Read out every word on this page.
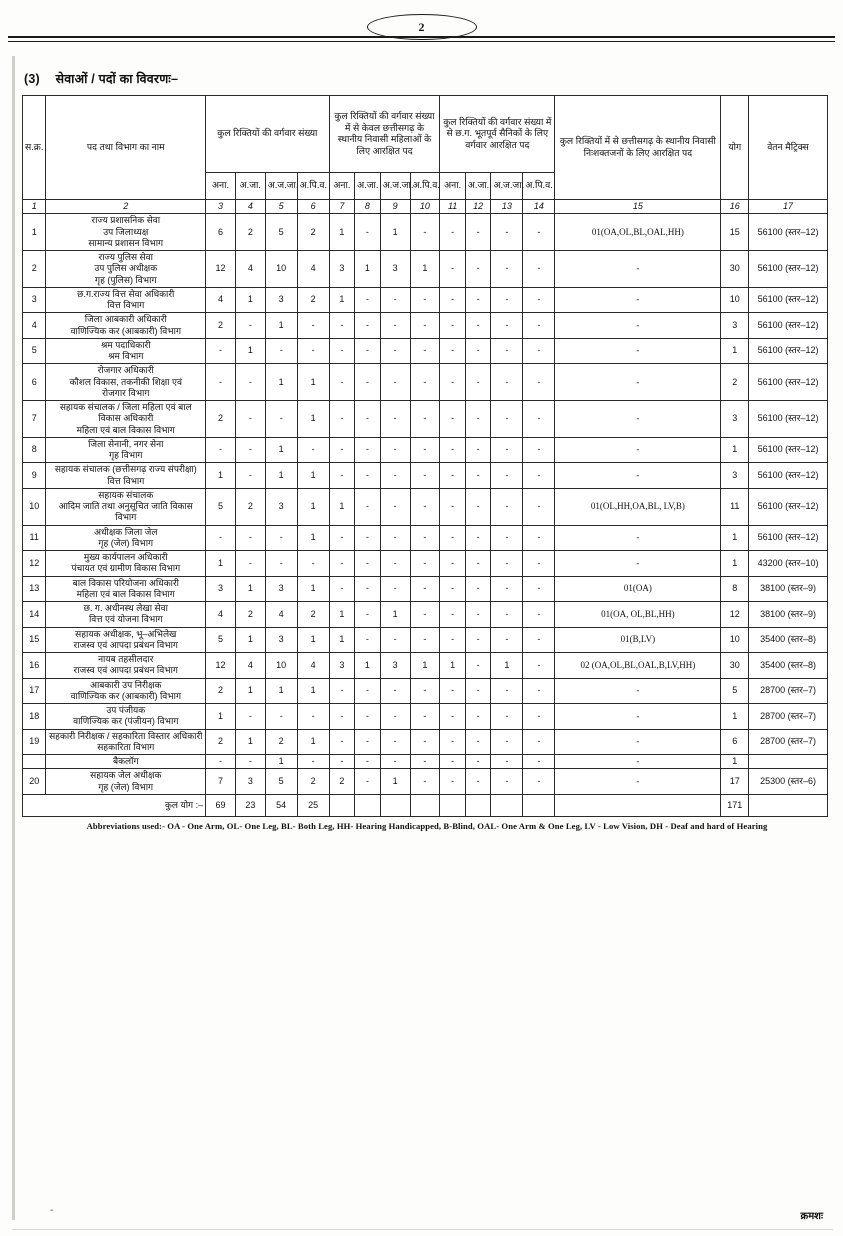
2
(3) सेवाओं / पदों का विवरणः–
स.क्र.	पद तथा विभाग का नाम	कुल रिक्तियों की वर्गवार संख्या				कुल रिक्तियों की वर्गवार संख्या में से केवल छत्तीसगढ़ के स्थानीय निवासी महिलाओं के लिए आरक्षित पद				कुल रिक्तियों की वर्गवार संख्या में से छ.ग. भूतपूर्व सैनिकों के लिए वर्गवार आरक्षित पद				कुल रिक्तियों में से छत्तीसगढ़ के स्थानीय निवासी निःशक्तजनों के लिए आरक्षित पद	योग	वेतन मैट्रिक्स
		अना.	अ.जा.	अ.ज.जा.	अ.पि.व.	अना.	अ.जा.	अ.ज.जा.	अ.पि.व.	अना.	अ.जा.	अ.ज.जा.	अ.पि.व.			
1	2	3	4	5	6	7	8	9	10	11	12	13	14	15	16	17
1	राज्य प्रशासनिक सेवा
उप जिलाध्यक्ष
सामान्य प्रशासन विभाग	6	2	5	2	1	-	1	-	-	-	-	-	01(OA,OL,BL,OAL,HH)	15	56100 (स्तर–12)
2	राज्य पुलिस सेवा
उप पुलिस अधीक्षक
गृह (पुलिस) विभाग	12	4	10	4	3	1	3	1	-	-	-	-	-	30	56100 (स्तर–12)
3	छ.ग.राज्य वित्त सेवा अधिकारी
वित्त विभाग	4	1	3	2	1	-	-	-	-	-	-	-	-	10	56100 (स्तर–12)
4	जिला आबकारी अधिकारी
वाणिज्यिक कर (आबकारी) विभाग	2	-	1	-	-	-	-	-	-	-	-	-	-	3	56100 (स्तर–12)
5	श्रम पदाधिकारी
श्रम विभाग	-	1	-	-	-	-	-	-	-	-	-	-	-	1	56100 (स्तर–12)
6	रोजगार अधिकारी
कौशल विकास, तकनीकी शिक्षा एवं
रोजगार विभाग	-	-	1	1	-	-	-	-	-	-	-	-	-	2	56100 (स्तर–12)
7	सहायक संचालक / जिला महिला एवं बाल विकास अधिकारी
महिला एवं बाल विकास विभाग	2	-	-	1	-	-	-	-	-	-	-	-	-	3	56100 (स्तर–12)
8	जिला सेनानी, नगर सेना
गृह विभाग	-	-	1	-	-	-	-	-	-	-	-	-	-	1	56100 (स्तर–12)
9	सहायक संचालक (छत्तीसगढ़ राज्य संपरीक्षा)
वित्त विभाग	1	-	1	1	-	-	-	-	-	-	-	-	-	3	56100 (स्तर–12)
10	सहायक संचालक
आदिम जाति तथा अनुसूचित जाति विकास
विभाग	5	2	3	1	1	-	-	-	-	-	-	-	01(OL,HH,OA,BL, LV,B)	11	56100 (स्तर–12)
11	अधीक्षक जिला जेल
गृह (जेल) विभाग	-	-	-	1	-	-	-	-	-	-	-	-	-	1	56100 (स्तर–12)
12	मुख्य कार्यपालन अधिकारी
पंचायत एवं ग्रामीण विकास विभाग	1	-	-	-	-	-	-	-	-	-	-	-	-	1	43200 (स्तर–10)
13	बाल विकास परियोजना अधिकारी
महिला एवं बाल विकास विभाग	3	1	3	1	-	-	-	-	-	-	-	-	01(OA)	8	38100 (स्तर–9)
14	छ. ग. अधीनस्थ लेखा सेवा
वित्त एवं योजना विभाग	4	2	4	2	1	-	1	-	-	-	-	-	01(OA, OL,BL,HH)	12	38100 (स्तर–9)
15	सहायक अधीक्षक, भू–अभिलेख
राजस्व एवं आपदा प्रबंधन विभाग	5	1	3	1	1	-	-	-	-	-	-	-	01(B,LV)	10	35400 (स्तर–8)
16	नायब तहसीलदार
राजस्व एवं आपदा प्रबंधन विभाग	12	4	10	4	3	1	3	1	1	-	1	-	02 (OA,OL,BL,OAL,B,LV,HH)	30	35400 (स्तर–8)
17	आबकारी उप निरीक्षक
वाणिज्यिक कर (आबकारी) विभाग	2	1	1	1	-	-	-	-	-	-	-	-	-	5	28700 (स्तर–7)
18	उप पंजीयक
वाणिज्यिक कर (पंजीयन) विभाग	1	-	-	-	-	-	-	-	-	-	-	-	-	1	28700 (स्तर–7)
19	सहकारी निरीक्षक / सहकारिता विस्तार अधिकारी
सहकारिता विभाग	2	1	2	1	-	-	-	-	-	-	-	-	-	6	28700 (स्तर–7)

	बैकलॉग	-	-	1	-	-	-	-	-	-	-	-	-	-	1	
20	सहायक जेल अधीक्षक
गृह (जेल) विभाग	7	3	5	2	2	-	1	-	-	-	-	-	-	17	25300 (स्तर–6)
कुल योग :–		69	23	54	25										171	
Abbreviations used:- OA - One Arm, OL- One Leg, BL- Both Leg, HH- Hearing Handicapped, B-Blind, OAL- One Arm & One Leg, LV - Low Vision, DH - Deaf and hard of Hearing
-
क्रमशः
